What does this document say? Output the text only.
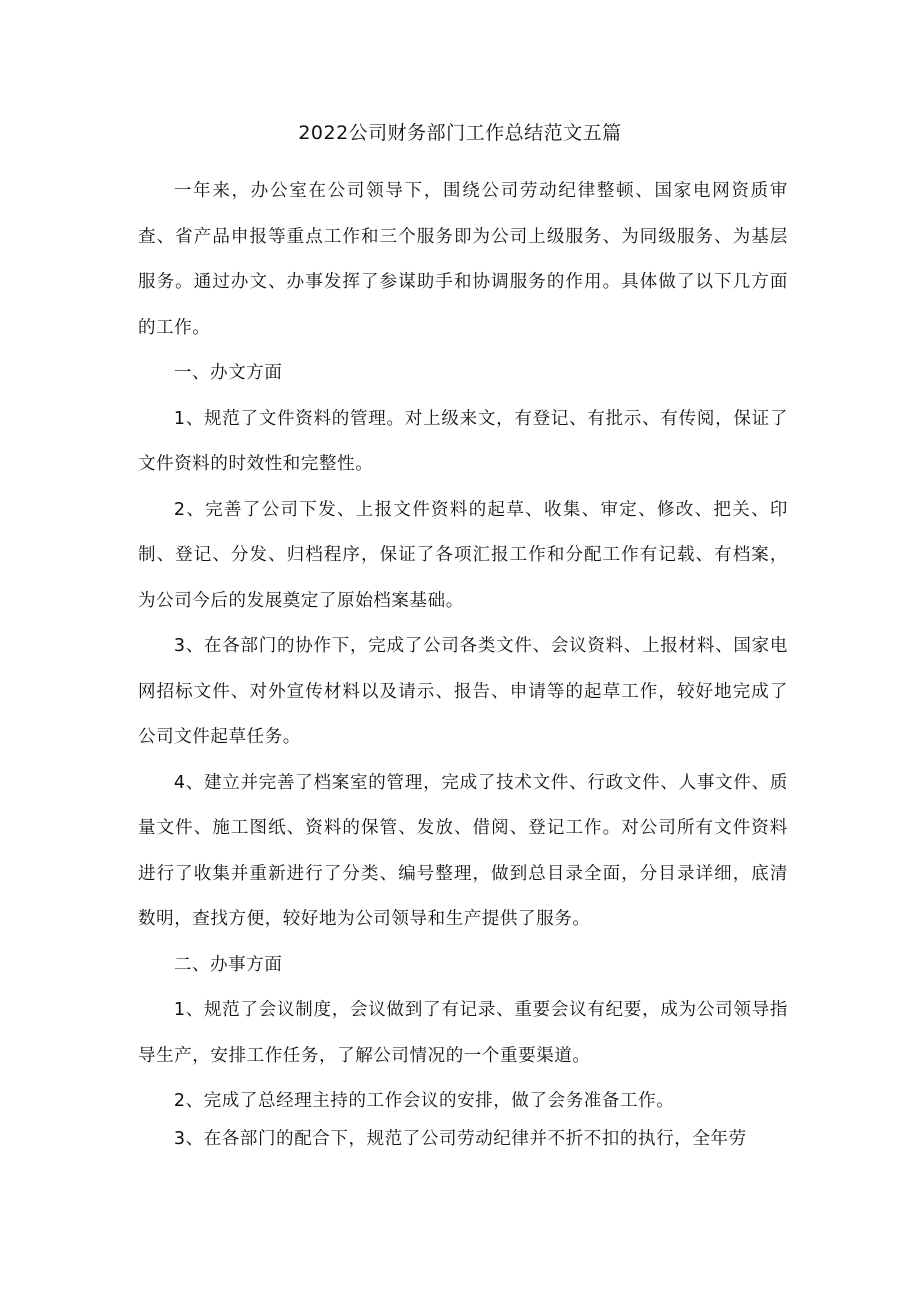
2022公司财务部门工作总结范文五篇

一年来，办公室在公司领导下，围绕公司劳动纪律整顿、国家电网资质审查、省产品申报等重点工作和三个服务即为公司上级服务、为同级服务、为基层服务。通过办文、办事发挥了参谋助手和协调服务的作用。具体做了以下几方面的工作。

一、办文方面

1、规范了文件资料的管理。对上级来文，有登记、有批示、有传阅，保证了文件资料的时效性和完整性。

2、完善了公司下发、上报文件资料的起草、收集、审定、修改、把关、印制、登记、分发、归档程序，保证了各项汇报工作和分配工作有记载、有档案，为公司今后的发展奠定了原始档案基础。

3、在各部门的协作下，完成了公司各类文件、会议资料、上报材料、国家电网招标文件、对外宣传材料以及请示、报告、申请等的起草工作，较好地完成了公司文件起草任务。

4、建立并完善了档案室的管理，完成了技术文件、行政文件、人事文件、质量文件、施工图纸、资料的保管、发放、借阅、登记工作。对公司所有文件资料进行了收集并重新进行了分类、编号整理，做到总目录全面，分目录详细，底清数明，查找方便，较好地为公司领导和生产提供了服务。

二、办事方面

1、规范了会议制度，会议做到了有记录、重要会议有纪要，成为公司领导指导生产，安排工作任务，了解公司情况的一个重要渠道。

2、完成了总经理主持的工作会议的安排，做了会务准备工作。

3、在各部门的配合下，规范了公司劳动纪律并不折不扣的执行，全年劳
